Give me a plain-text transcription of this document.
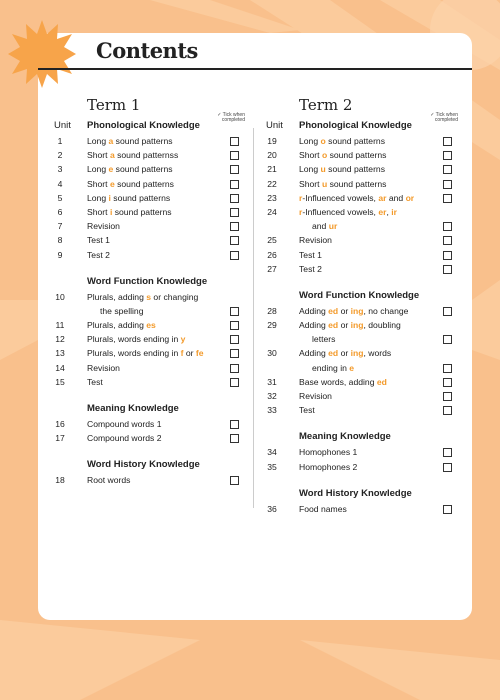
Contents
Term 1
✓ Tick when completed
Unit Phonological Knowledge
1	Long a sound patterns
2	Short a sound patternss
3	Long e sound patterns
4	Short e sound patterns
5	Long i sound patterns
6	Short i sound patterns
7	Revision
8	Test 1
9	Test 2
Word Function Knowledge
10	Plurals, adding s or changing
the spelling
11	Plurals, adding es
12	Plurals, words ending in y
13	Plurals, words ending in f or fe
14	Revision
15	Test
Meaning Knowledge
16	Compound words 1
17	Compound words 2
Word History Knowledge
18	Root words
Term 2
✓ Tick when completed
Unit Phonological Knowledge
19	Long o sound patterns
20	Short o sound patterns
21	Long u sound patterns
22	Short u sound patterns
23	r-Influenced vowels, ar and or
24	r-Influenced vowels, er, ir
and ur
25	Revision
26	Test 1
27	Test 2
Word Function Knowledge
28	Adding ed or ing, no change
29	Adding ed or ing, doubling
letters
30	Adding ed or ing, words
ending in e
31	Base words, adding ed
32	Revision
33	Test
Meaning Knowledge
34	Homophones 1
35	Homophones 2
Word History Knowledge
36	Food names
